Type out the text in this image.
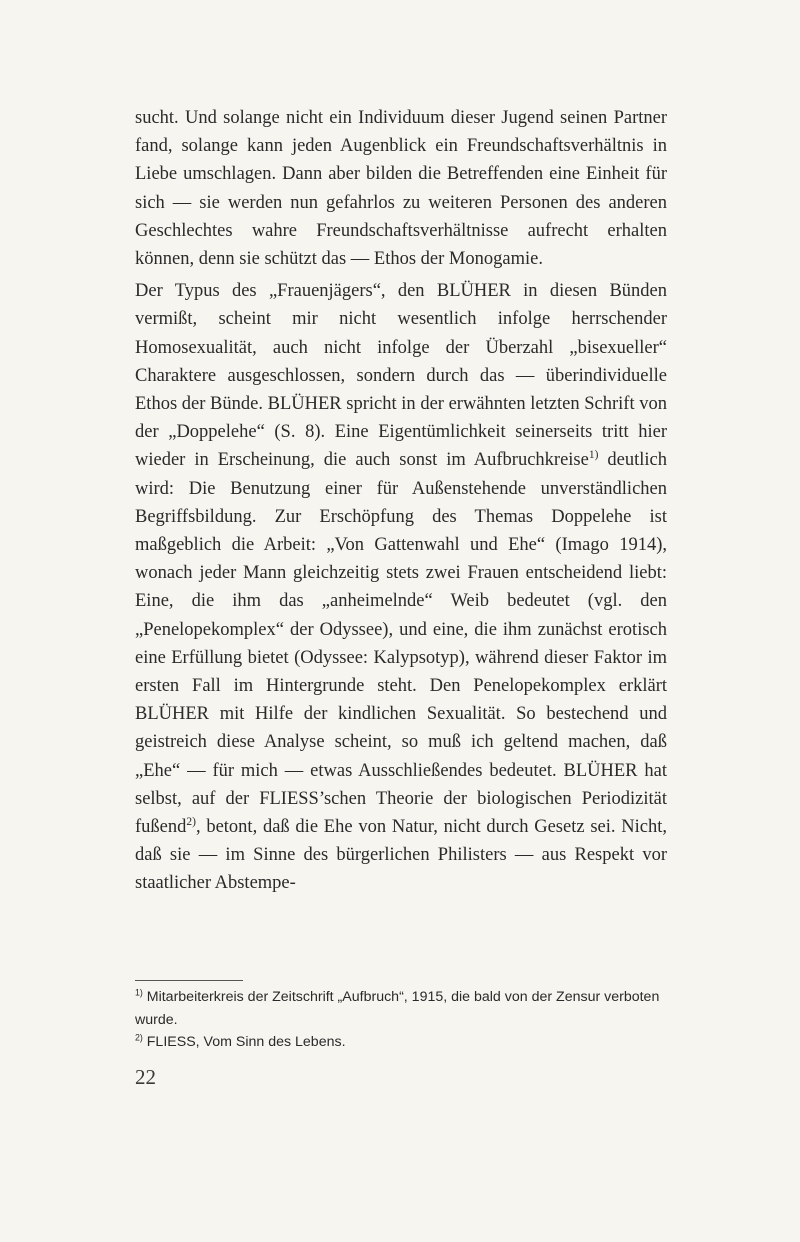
sucht. Und solange nicht ein Individuum dieser Jugend seinen Partner fand, solange kann jeden Augenblick ein Freundschaftsverhältnis in Liebe umschlagen. Dann aber bilden die Betreffenden eine Einheit für sich — sie werden nun gefahrlos zu weiteren Personen des anderen Geschlechtes wahre Freundschaftsverhältnisse aufrecht erhalten können, denn sie schützt das — Ethos der Monogamie.

Der Typus des „Frauenjägers“, den BLÜHER in diesen Bünden vermißt, scheint mir nicht wesentlich infolge herrschender Homosexualität, auch nicht infolge der Überzahl „bisexueller“ Charaktere ausgeschlossen, sondern durch das — überindividuelle Ethos der Bünde. BLÜHER spricht in der erwähnten letzten Schrift von der „Doppelehe“ (S. 8). Eine Eigentümlichkeit seinerseits tritt hier wieder in Erscheinung, die auch sonst im Aufbruchkreise$^{1)}$ deutlich wird: Die Benutzung einer für Außenstehende unverständlichen Begriffsbildung. Zur Erschöpfung des Themas Doppelehe ist maßgeblich die Arbeit: „Von Gattenwahl und Ehe“ (Imago 1914), wonach jeder Mann gleichzeitig stets zwei Frauen entscheidend liebt: Eine, die ihm das „anheimelnde“ Weib bedeutet (vgl. den „Penelopekomplex“ der Odyssee), und eine, die ihm zunächst erotisch eine Erfüllung bietet (Odyssee: Kalypsotyp), während dieser Faktor im ersten Fall im Hintergrunde steht. Den Penelopekomplex erklärt BLÜHER mit Hilfe der kindlichen Sexualität. So bestechend und geistreich diese Analyse scheint, so muß ich geltend machen, daß „Ehe“ — für mich — etwas Ausschließendes bedeutet. BLÜHER hat selbst, auf der FLIESS’schen Theorie der biologischen Periodizität fußend$^{2)}$, betont, daß die Ehe von Natur, nicht durch Gesetz sei. Nicht, daß sie — im Sinne des bürgerlichen Philisters — aus Respekt vor staatlicher Abstempe-

$^{1)}$ Mitarbeiterkreis der Zeitschrift „Aufbruch“, 1915, die bald von der Zensur verboten wurde.

$^{2)}$ FLIESS, Vom Sinn des Lebens.

22
